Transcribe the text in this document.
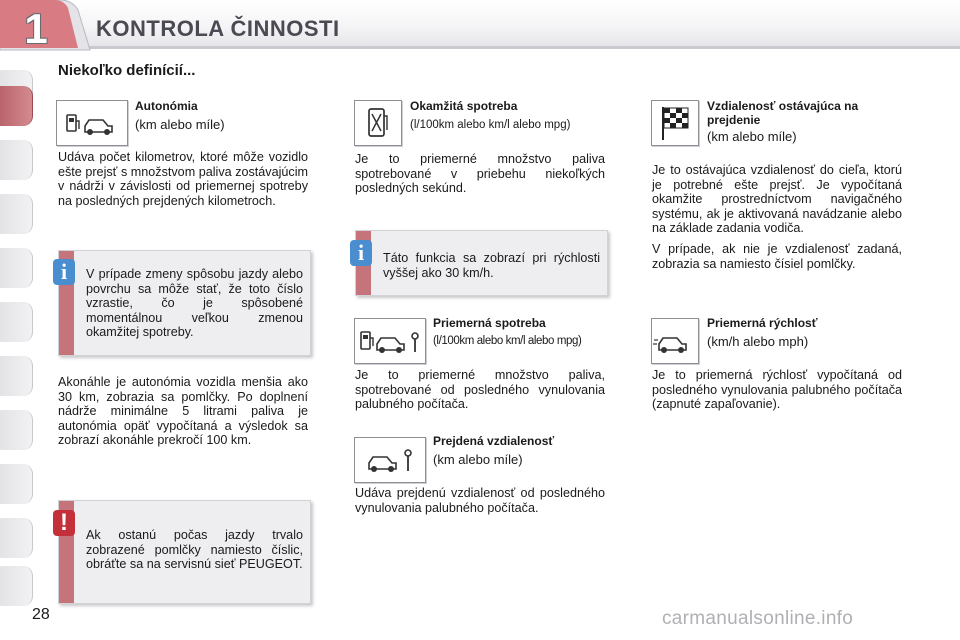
1	KONTROLA ČINNOSTI
Niekoľko definícií...
Autonómia
(km alebo míle)
Udáva počet kilometrov, ktoré môže vozidlo ešte prejsť s množstvom paliva zostávajúcim v nádrži v závislosti od priemernej spotreby na posledných prejdených kilometroch.
V prípade zmeny spôsobu jazdy alebo povrchu sa môže stať, že toto číslo vzrastie, čo je spôsobené momentálnou veľkou zmenou okamžitej spotreby.
i
Akonáhle je autonómia vozidla menšia ako 30 km, zobrazia sa pomlčky. Po doplnení nádrže minimálne 5 litrami paliva je autonómia opäť vypočítaná a výsledok sa zobrazí akonáhle prekročí 100 km.
Ak ostanú počas jazdy trvalo zobrazené pomlčky namiesto číslic, obráťte sa na servisnú sieť PEUGEOT.
!
Okamžitá spotreba
(l/100km alebo km/l alebo mpg)
Je to priemerné množstvo paliva spotrebované v priebehu niekoľkých posledných sekúnd.
Táto funkcia sa zobrazí pri rýchlosti vyššej ako 30 km/h.
i
Priemerná spotreba
(l/100km alebo km/l alebo mpg)
Je to priemerné množstvo paliva, spotrebované od posledného vynulovania palubného počítača.
Prejdená vzdialenosť
(km alebo míle)
Udáva prejdenú vzdialenosť od posledného vynulovania palubného počítača.
Vzdialenosť ostávajúca na prejdenie
(km alebo míle)
Je to ostávajúca vzdialenosť do cieľa, ktorú je potrebné ešte prejsť. Je vypočítaná okamžite prostredníctvom navigačného systému, ak je aktivovaná navádzanie alebo na základe zadania vodiča.
V prípade, ak nie je vzdialenosť zadaná, zobrazia sa namiesto čísiel pomlčky.
Priemerná rýchlosť
(km/h alebo mph)
Je to priemerná rýchlosť vypočítaná od posledného vynulovania palubného počítača (zapnuté zapaľovanie).
28	carmanualsonline.info
